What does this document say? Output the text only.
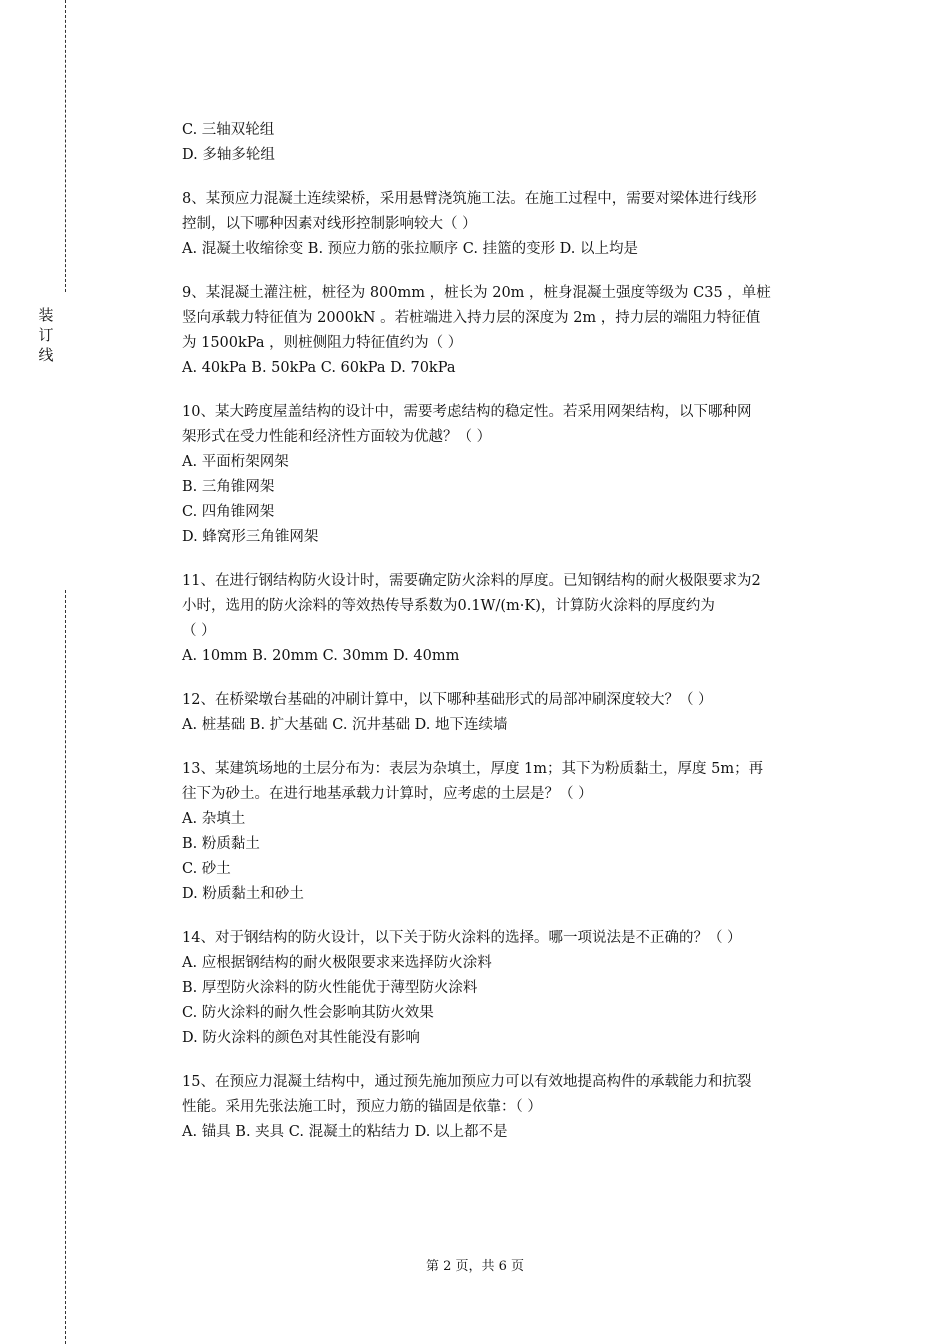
装
订
线
C. 三轴双轮组
D. 多轴多轮组
8、某预应力混凝土连续梁桥，采用悬臂浇筑施工法。在施工过程中，需要对梁体进行线形
控制，以下哪种因素对线形控制影响较大（ ）
A. 混凝土收缩徐变 B. 预应力筋的张拉顺序 C. 挂篮的变形 D. 以上均是
9、某混凝土灌注桩，桩径为 800mm ，桩长为 20m ，桩身混凝土强度等级为 C35 ，单桩
竖向承载力特征值为 2000kN 。若桩端进入持力层的深度为 2m ，持力层的端阻力特征值
为 1500kPa ，则桩侧阻力特征值约为（ ）
A. 40kPa B. 50kPa C. 60kPa D. 70kPa
10、某大跨度屋盖结构的设计中，需要考虑结构的稳定性。若采用网架结构，以下哪种网
架形式在受力性能和经济性方面较为优越？（ ）
A. 平面桁架网架
B. 三角锥网架
C. 四角锥网架
D. 蜂窝形三角锥网架
11、在进行钢结构防火设计时，需要确定防火涂料的厚度。已知钢结构的耐火极限要求为2
小时，选用的防火涂料的等效热传导系数为0.1W/(m·K)，计算防火涂料的厚度约为
（ ）
A. 10mm B. 20mm C. 30mm D. 40mm
12、在桥梁墩台基础的冲刷计算中，以下哪种基础形式的局部冲刷深度较大？（ ）
A. 桩基础 B. 扩大基础 C. 沉井基础 D. 地下连续墙
13、某建筑场地的土层分布为：表层为杂填土，厚度 1m；其下为粉质黏土，厚度 5m；再
往下为砂土。在进行地基承载力计算时，应考虑的土层是？（ ）
A. 杂填土
B. 粉质黏土
C. 砂土
D. 粉质黏土和砂土
14、对于钢结构的防火设计，以下关于防火涂料的选择。哪一项说法是不正确的？（ ）
A. 应根据钢结构的耐火极限要求来选择防火涂料
B. 厚型防火涂料的防火性能优于薄型防火涂料
C. 防火涂料的耐久性会影响其防火效果
D. 防火涂料的颜色对其性能没有影响
15、在预应力混凝土结构中，通过预先施加预应力可以有效地提高构件的承载能力和抗裂
性能。采用先张法施工时，预应力筋的锚固是依靠：（ ）
A. 锚具 B. 夹具 C. 混凝土的粘结力 D. 以上都不是
第 2 页，共 6 页
